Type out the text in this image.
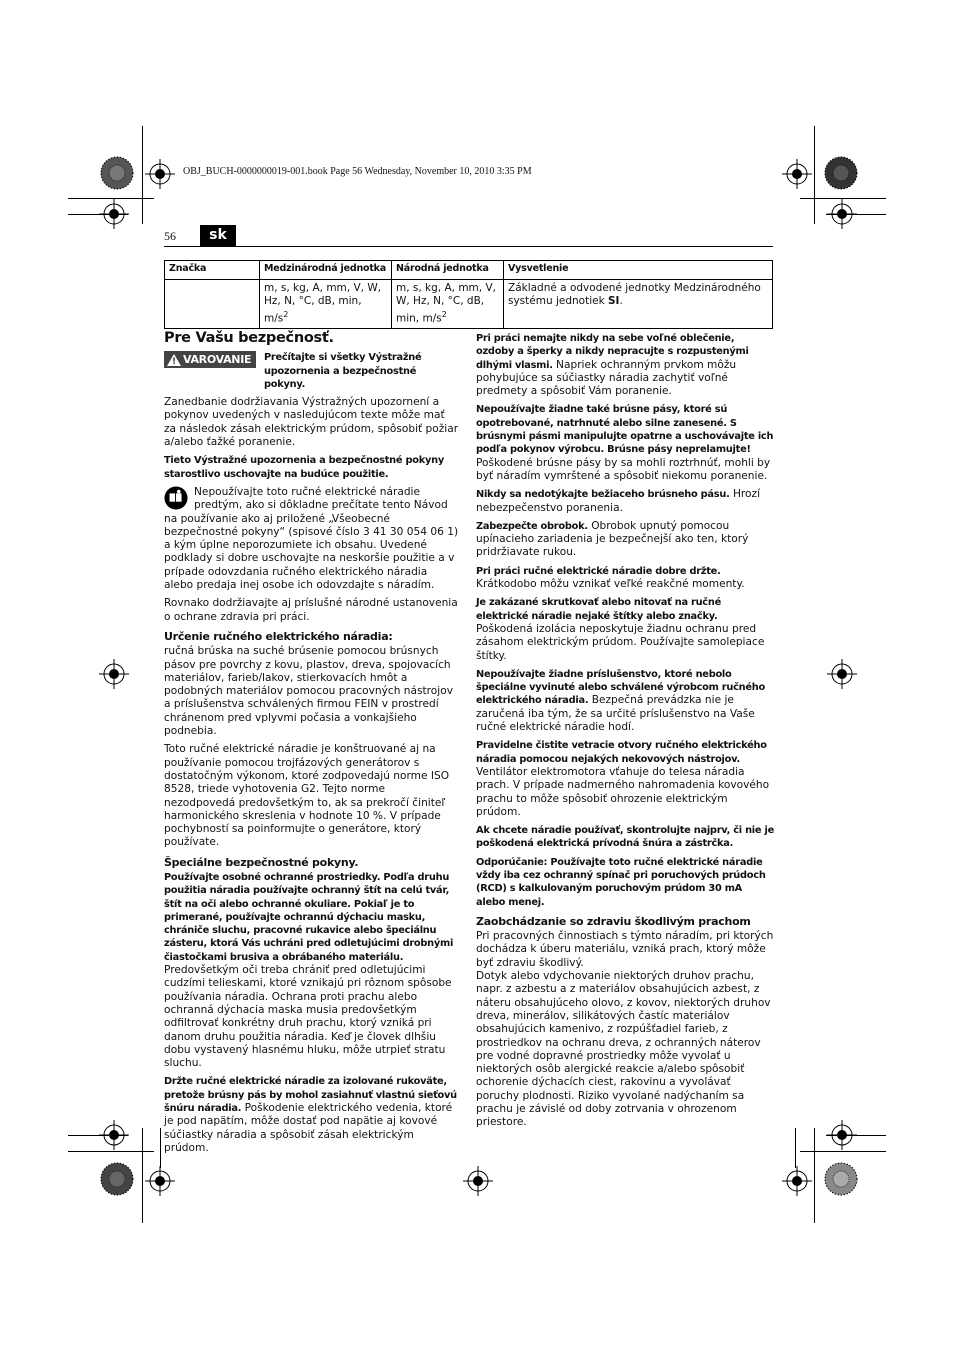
OBJ_BUCH-0000000019-001.book Page 56 Wednesday, November 10, 2010 3:35 PM
56	sk
Značka	Medzinárodná jednotka	Národná jednotka	Vysvetlenie
	m, s, kg, A, mm, V, W, Hz, N, °C, dB, min, $m/s^2$	m, s, kg, A, mm, V, W, Hz, N, °C, dB, min, $m/s^2$	Základné a odvodené jednotky Medzinárodného systému jednotiek SI.
Pre Vašu bezpečnosť.
! VAROVANIE Prečítajte si všetky Výstražné upozornenia a bezpečnostné pokyny.

Zanedbanie dodržiavania Výstražných upozornení a pokynov uvedených v nasledujúcom texte môže mať za následok zásah elektrickým prúdom, spôsobiť požiar a/alebo ťažké poranenie.

Tieto Výstražné upozornenia a bezpečnostné pokyny starostlivo uschovajte na budúce použitie.

Nepoužívajte toto ručné elektrické náradie predtým, ako si dôkladne prečítate tento Návod na používanie ako aj priložené „Všeobecné bezpečnostné pokyny“ (spisové číslo 3 41 30 054 06 1) a kým úplne neporozumiete ich obsahu. Uvedené podklady si dobre uschovajte na neskoršie použitie a v prípade odovzdania ručného elektrického náradia alebo predaja inej osobe ich odovzdajte s náradím.

Rovnako dodržiavajte aj príslušné národné ustanovenia o ochrane zdravia pri práci.

Určenie ručného elektrického náradia:

ručná brúska na suché brúsenie pomocou brúsnych pásov pre povrchy z kovu, plastov, dreva, spojovacích materiálov, farieb/lakov, stierkovacích hmôt a podobných materiálov pomocou pracovných nástrojov a príslušenstva schválených firmou FEIN v prostredí chránenom pred vplyvmi počasia a vonkajšieho podnebia.

Toto ručné elektrické náradie je konštruované aj na používanie pomocou trojfázových generátorov s dostatočným výkonom, ktoré zodpovedajú norme ISO 8528, triede vyhotovenia G2. Tejto norme nezodpovedá predovšetkým to, ak sa prekročí činiteľ harmonického skreslenia v hodnote 10 %. V prípade pochybností sa poinformujte o generátore, ktorý používate.

Špeciálne bezpečnostné pokyny.

Používajte osobné ochranné prostriedky. Podľa druhu použitia náradia používajte ochranný štít na celú tvár, štít na oči alebo ochranné okuliare. Pokiaľ je to primerané, používajte ochrannú dýchaciu masku, chrániče sluchu, pracovné rukavice alebo špeciálnu zásteru, ktorá Vás uchráni pred odletujúcimi drobnými čiastočkami brusiva a obrábaného materiálu. Predovšetkým oči treba chrániť pred odletujúcimi cudzími telieskami, ktoré vznikajú pri rôznom spôsobe používania náradia. Ochrana proti prachu alebo ochranná dýchacia maska musia predovšetkým odfiltrovať konkrétny druh prachu, ktorý vzniká pri danom druhu použitia náradia. Keď je človek dlhšiu dobu vystavený hlasnému hluku, môže utrpieť stratu sluchu.

Držte ručné elektrické náradie za izolované rukoväte, pretože brúsny pás by mohol zasiahnuť vlastnú sieťovú šnúru náradia. Poškodenie elektrického vedenia, ktoré je pod napätím, môže dostať pod napätie aj kovové súčiastky náradia a spôsobiť zásah elektrickým prúdom.

Pri práci nemajte nikdy na sebe voľné oblečenie, ozdoby a šperky a nikdy nepracujte s rozpustenými dlhými vlasmi. Napriek ochranným prvkom môžu pohybujúce sa súčiastky náradia zachytiť voľné predmety a spôsobiť Vám poranenie.

Nepoužívajte žiadne také brúsne pásy, ktoré sú opotrebované, natrhnuté alebo silne zanesené. S brúsnymi pásmi manipulujte opatrne a uschovávajte ich podľa pokynov výrobcu. Brúsne pásy neprelamujte! Poškodené brúsne pásy by sa mohli roztrhnúť, mohli by byť náradím vymrštené a spôsobiť niekomu poranenie.

Nikdy sa nedotýkajte bežiaceho brúsneho pásu. Hrozí nebezpečenstvo poranenia.

Zabezpečte obrobok. Obrobok upnutý pomocou upínacieho zariadenia je bezpečnejší ako ten, ktorý pridržiavate rukou.

Pri práci ručné elektrické náradie dobre držte. Krátkodobo môžu vznikať veľké reakčné momenty.

Je zakázané skrutkovať alebo nitovať na ručné elektrické náradie nejaké štítky alebo značky. Poškodená izolácia neposkytuje žiadnu ochranu pred zásahom elektrickým prúdom. Používajte samolepiace štítky.

Nepoužívajte žiadne príslušenstvo, ktoré nebolo špeciálne vyvinuté alebo schválené výrobcom ručného elektrického náradia. Bezpečná prevádzka nie je zaručená iba tým, že sa určité príslušenstvo na Vaše ručné elektrické náradie hodí.

Pravidelne čistite vetracie otvory ručného elektrického náradia pomocou nejakých nekovových nástrojov. Ventilátor elektromotora vťahuje do telesa náradia prach. V prípade nadmerného nahromadenia kovového prachu to môže spôsobiť ohrozenie elektrickým prúdom.

Ak chcete náradie používať, skontrolujte najprv, či nie je poškodená elektrická prívodná šnúra a zástrčka.

Odporúčanie: Používajte toto ručné elektrické náradie vždy iba cez ochranný spínač pri poruchových prúdoch (RCD) s kalkulovaným poruchovým prúdom 30 mA alebo menej.

Zaobchádzanie so zdraviu škodlivým prachom

Pri pracovných činnostiach s týmto náradím, pri ktorých dochádza k úberu materiálu, vzniká prach, ktorý môže byť zdraviu škodlivý.

Dotyk alebo vdychovanie niektorých druhov prachu, napr. z azbestu a z materiálov obsahujúcich azbest, z náteru obsahujúceho olovo, z kovov, niektorých druhov dreva, minerálov, silikátových častíc materiálov obsahujúcich kamenivo, z rozpúšťadiel farieb, z prostriedkov na ochranu dreva, z ochranných náterov pre vodné dopravné prostriedky môže vyvolať u niektorých osôb alergické reakcie a/alebo spôsobiť ochorenie dýchacích ciest, rakovinu a vyvolávať poruchy plodnosti. Riziko vyvolané nadýchaním sa prachu je závislé od doby zotrvania v ohrozenom priestore.
